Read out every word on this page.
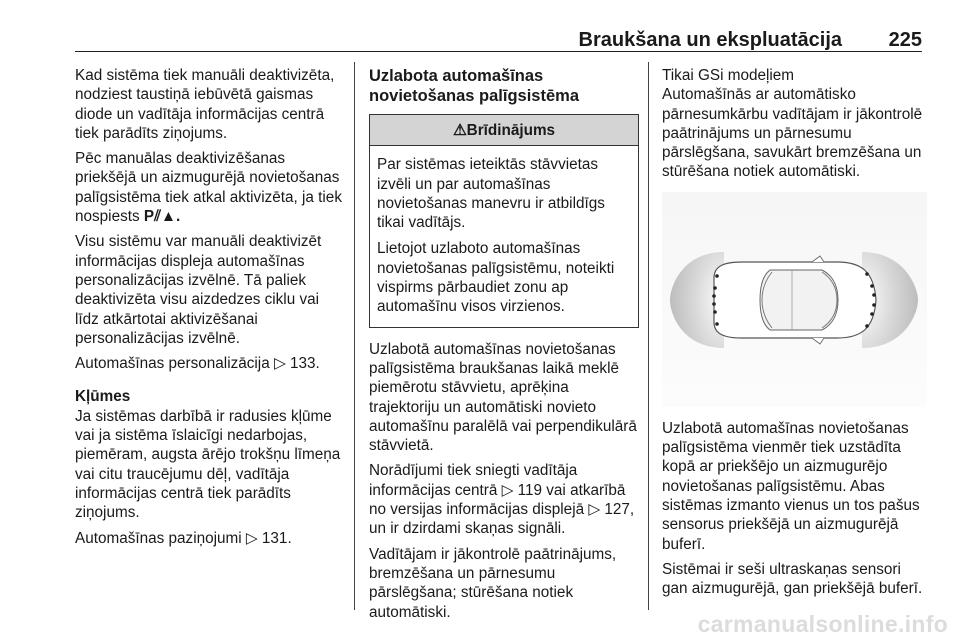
Braukšana un ekspluatācija 225

Kad sistēma tiek manuāli deaktivizēta, nodziest taustiņā iebūvētā gaismas diode un vadītāja informācijas centrā tiek parādīts ziņojums.

Pēc manuālas deaktivizēšanas priekšējā un aizmugurējā novietošanas palīgsistēma tiek atkal aktivizēta, ja tiek nospiests P⫽▲.

Visu sistēmu var manuāli deaktivizēt informācijas displeja automašīnas personalizācijas izvēlnē. Tā paliek deaktivizēta visu aizdedzes ciklu vai līdz atkārtotai aktivizēšanai personalizācijas izvēlnē.

Automašīnas personalizācija ▷ 133.

Kļūmes

Ja sistēmas darbībā ir radusies kļūme vai ja sistēma īslaicīgi nedarbojas, piemēram, augsta ārējo trokšņu līmeņa vai citu traucējumu dēļ, vadītāja informācijas centrā tiek parādīts ziņojums.

Automašīnas paziņojumi ▷ 131.

Uzlabota automašīnas novietošanas palīgsistēma
⚠Brīdinājums

Par sistēmas ieteiktās stāvvietas izvēli un par automašīnas novietošanas manevru ir atbildīgs tikai vadītājs.

Lietojot uzlaboto automašīnas novietošanas palīgsistēmu, noteikti vispirms pārbaudiet zonu ap automašīnu visos virzienos.

Uzlabotā automašīnas novietošanas palīgsistēma braukšanas laikā meklē piemērotu stāvvietu, aprēķina trajektoriju un automātiski novieto automašīnu paralēlā vai perpendikulārā stāvvietā.

Norādījumi tiek sniegti vadītāja informācijas centrā ▷ 119 vai atkarībā no versijas informācijas displejā ▷ 127, un ir dzirdami skaņas signāli.

Vadītājam ir jākontrolē paātrinājums, bremzēšana un pārnesumu pārslēgšana; stūrēšana notiek automātiski.

Tikai GSi modeļiem

Automašīnās ar automātisko pārnesumkārbu vadītājam ir jākontrolē paātrinājums un pārnesumu pārslēgšana, savukārt bremzēšana un stūrēšana notiek automātiski.

Uzlabotā automašīnas novietošanas palīgsistēma vienmēr tiek uzstādīta kopā ar priekšējo un aizmugurējo novietošanas palīgsistēmu. Abas sistēmas izmanto vienus un tos pašus sensorus priekšējā un aizmugurējā buferī.

Sistēmai ir seši ultraskaņas sensori gan aizmugurējā, gan priekšējā buferī.

carmanualsonline.info
